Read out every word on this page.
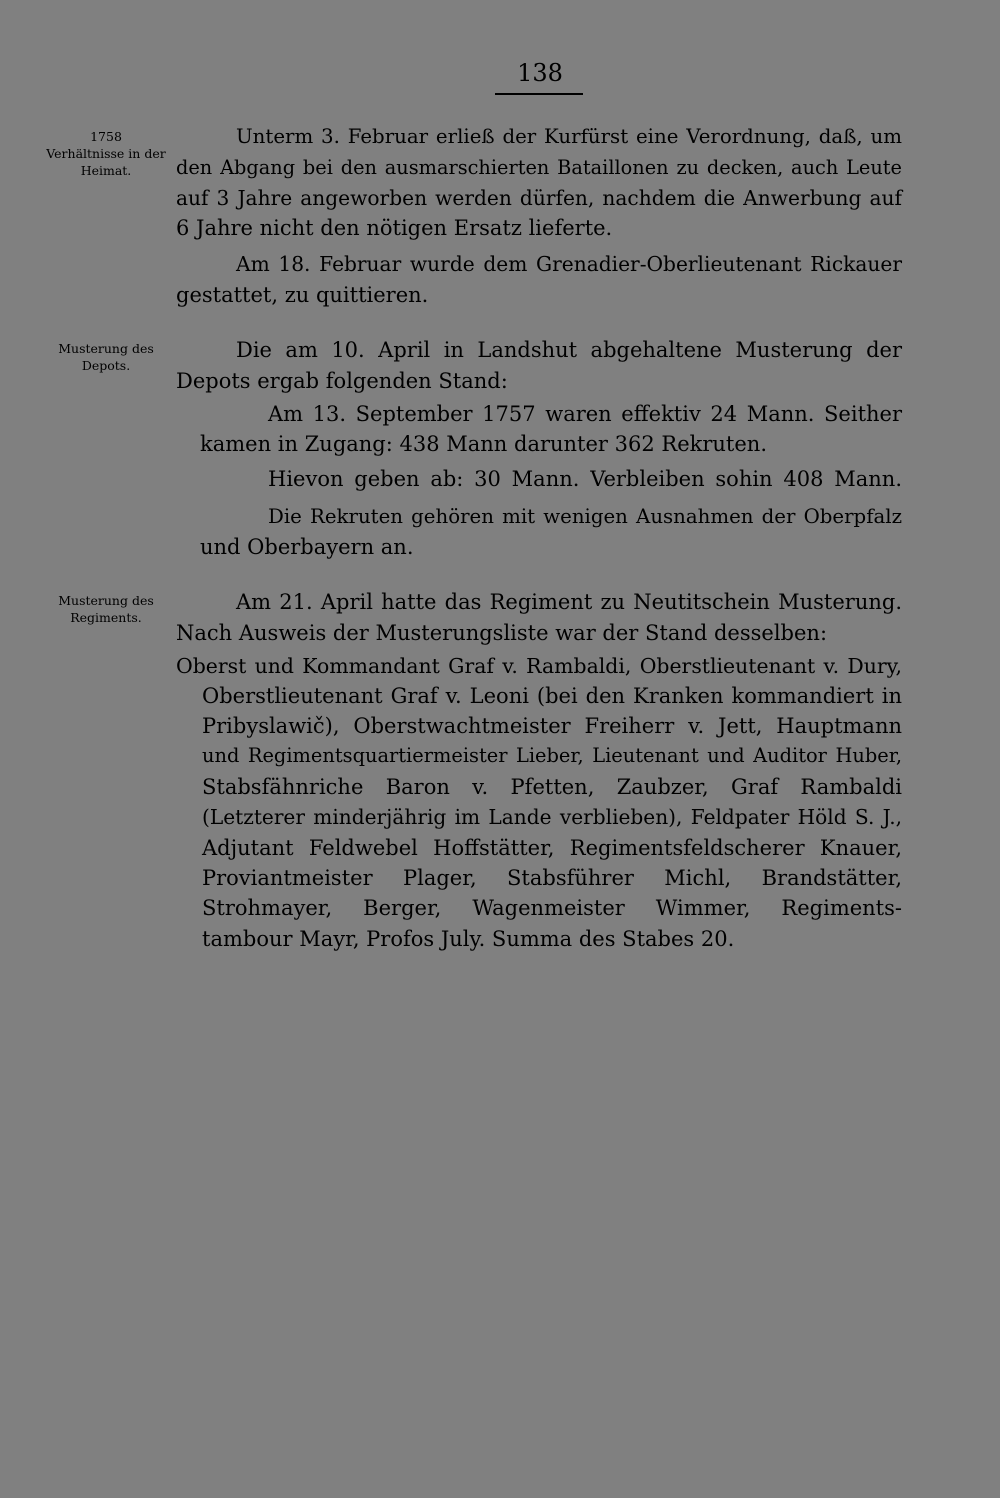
138
1758
Verhältnisse in der
Heimat.
Musterung des
Depots.
Musterung des
Regiments.
Unterm 3. Februar erließ der Kurfürst eine Verordnung, daß, um
den Abgang bei den ausmarschierten Bataillonen zu decken, auch Leute
auf 3 Jahre angeworben werden dürfen, nachdem die Anwerbung auf
6 Jahre nicht den nötigen Ersatz lieferte.
Am 18. Februar wurde dem Grenadier-Oberlieutenant Rickauer
gestattet, zu quittieren.
Die am 10. April in Landshut abgehaltene Musterung der
Depots ergab folgenden Stand:
Am 13. September 1757 waren effektiv 24 Mann. Seither
kamen in Zugang: 438 Mann darunter 362 Rekruten.
Hievon geben ab: 30 Mann. Verbleiben sohin 408 Mann.
Die Rekruten gehören mit wenigen Ausnahmen der Oberpfalz
und Oberbayern an.
Am 21. April hatte das Regiment zu Neutitschein Musterung.
Nach Ausweis der Musterungsliste war der Stand desselben:
Oberst und Kommandant Graf v. Rambaldi, Oberstlieutenant v. Dury,
Oberstlieutenant Graf v. Leoni (bei den Kranken kommandiert in
Pribyslawič), Oberstwachtmeister Freiherr v. Jett, Hauptmann
und Regimentsquartiermeister Lieber, Lieutenant und Auditor Huber,
Stabsfähnriche Baron v. Pfetten, Zaubzer, Graf Rambaldi
(Letzterer minderjährig im Lande verblieben), Feldpater Höld S. J.,
Adjutant Feldwebel Hoffstätter, Regimentsfeldscherer Knauer,
Proviantmeister Plager, Stabsführer Michl, Brandstätter,
Strohmayer, Berger, Wagenmeister Wimmer, Regiments-
tambour Mayr, Profos July. Summa des Stabes 20.
